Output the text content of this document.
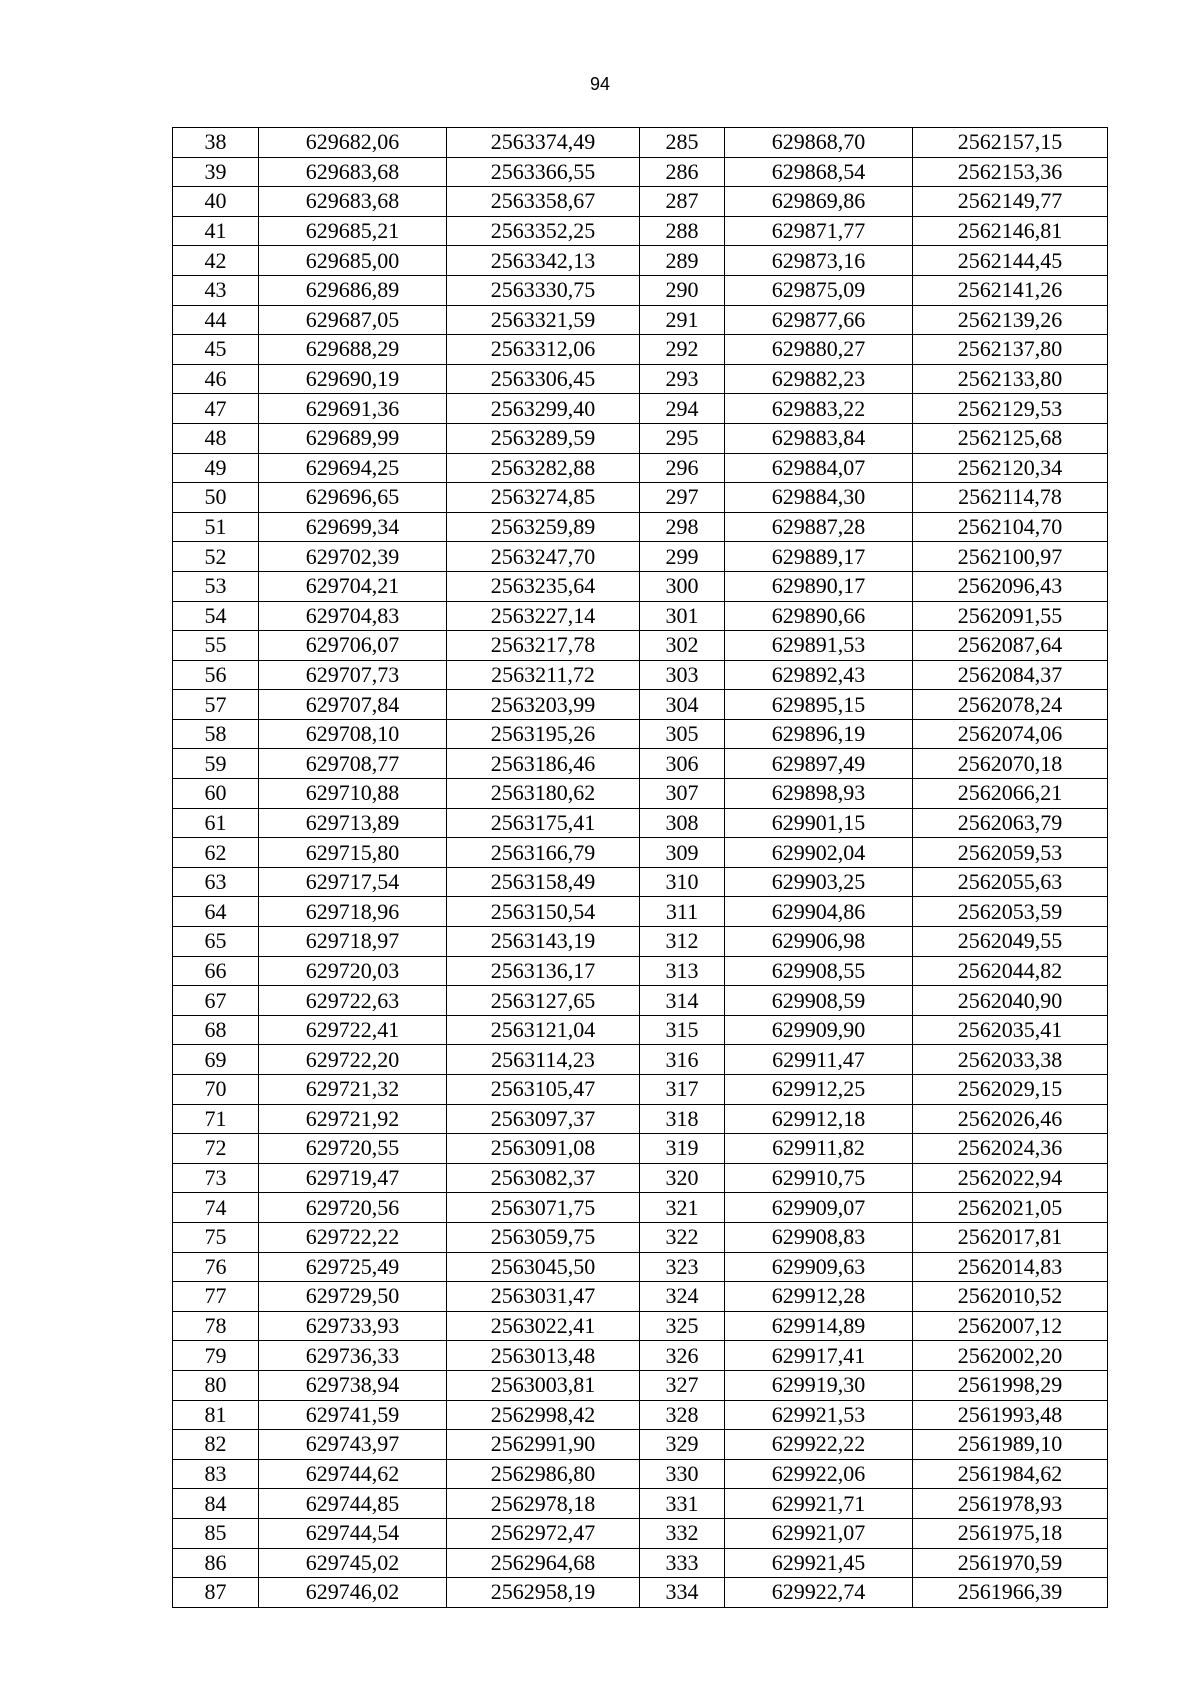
94
38	629682,06	2563374,49	285	629868,70	2562157,15
39	629683,68	2563366,55	286	629868,54	2562153,36
40	629683,68	2563358,67	287	629869,86	2562149,77
41	629685,21	2563352,25	288	629871,77	2562146,81
42	629685,00	2563342,13	289	629873,16	2562144,45
43	629686,89	2563330,75	290	629875,09	2562141,26
44	629687,05	2563321,59	291	629877,66	2562139,26
45	629688,29	2563312,06	292	629880,27	2562137,80
46	629690,19	2563306,45	293	629882,23	2562133,80
47	629691,36	2563299,40	294	629883,22	2562129,53
48	629689,99	2563289,59	295	629883,84	2562125,68
49	629694,25	2563282,88	296	629884,07	2562120,34
50	629696,65	2563274,85	297	629884,30	2562114,78
51	629699,34	2563259,89	298	629887,28	2562104,70
52	629702,39	2563247,70	299	629889,17	2562100,97
53	629704,21	2563235,64	300	629890,17	2562096,43
54	629704,83	2563227,14	301	629890,66	2562091,55
55	629706,07	2563217,78	302	629891,53	2562087,64
56	629707,73	2563211,72	303	629892,43	2562084,37
57	629707,84	2563203,99	304	629895,15	2562078,24
58	629708,10	2563195,26	305	629896,19	2562074,06
59	629708,77	2563186,46	306	629897,49	2562070,18
60	629710,88	2563180,62	307	629898,93	2562066,21
61	629713,89	2563175,41	308	629901,15	2562063,79
62	629715,80	2563166,79	309	629902,04	2562059,53
63	629717,54	2563158,49	310	629903,25	2562055,63
64	629718,96	2563150,54	311	629904,86	2562053,59
65	629718,97	2563143,19	312	629906,98	2562049,55
66	629720,03	2563136,17	313	629908,55	2562044,82
67	629722,63	2563127,65	314	629908,59	2562040,90
68	629722,41	2563121,04	315	629909,90	2562035,41
69	629722,20	2563114,23	316	629911,47	2562033,38
70	629721,32	2563105,47	317	629912,25	2562029,15
71	629721,92	2563097,37	318	629912,18	2562026,46
72	629720,55	2563091,08	319	629911,82	2562024,36
73	629719,47	2563082,37	320	629910,75	2562022,94
74	629720,56	2563071,75	321	629909,07	2562021,05
75	629722,22	2563059,75	322	629908,83	2562017,81
76	629725,49	2563045,50	323	629909,63	2562014,83
77	629729,50	2563031,47	324	629912,28	2562010,52
78	629733,93	2563022,41	325	629914,89	2562007,12
79	629736,33	2563013,48	326	629917,41	2562002,20
80	629738,94	2563003,81	327	629919,30	2561998,29
81	629741,59	2562998,42	328	629921,53	2561993,48
82	629743,97	2562991,90	329	629922,22	2561989,10
83	629744,62	2562986,80	330	629922,06	2561984,62
84	629744,85	2562978,18	331	629921,71	2561978,93
85	629744,54	2562972,47	332	629921,07	2561975,18
86	629745,02	2562964,68	333	629921,45	2561970,59
87	629746,02	2562958,19	334	629922,74	2561966,39
